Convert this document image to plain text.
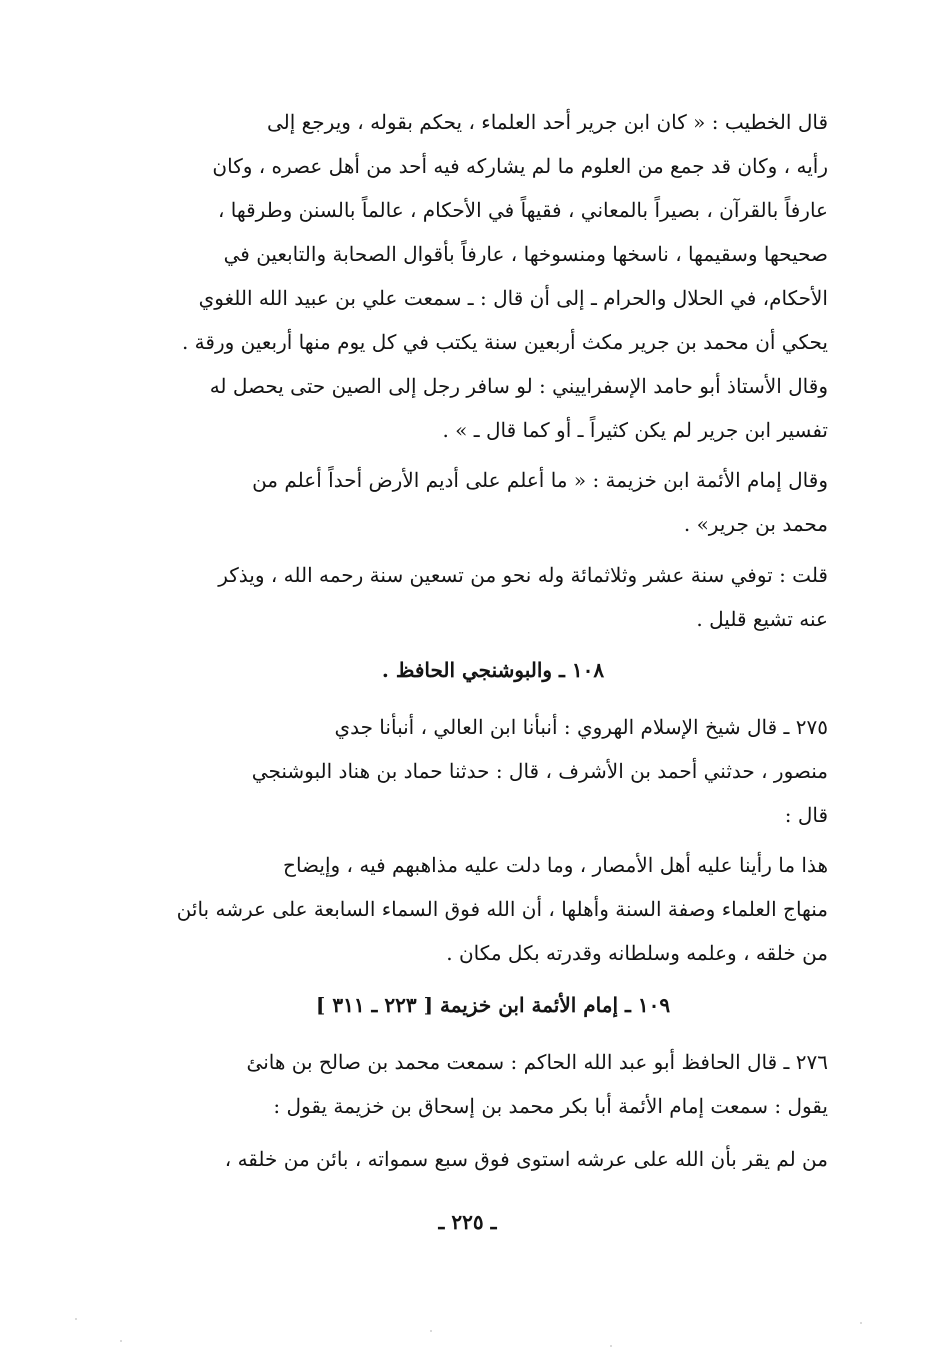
قال الخطيب : « كان ابن جرير أحد العلماء ، يحكم بقوله ، ويرجع إلى
رأيه ، وكان قد جمع من العلوم ما لم يشاركه فيه أحد من أهل عصره ، وكان
عارفاً بالقرآن ، بصيراً بالمعاني ، فقيهاً في الأحكام ، عالماً بالسنن وطرقها ،
صحيحها وسقيمها ، ناسخها ومنسوخها ، عارفاً بأقوال الصحابة والتابعين في
الأحكام، في الحلال والحرام ـ إلى أن قال : ـ سمعت علي بن عبيد الله اللغوي
يحكي أن محمد بن جرير مكث أربعين سنة يكتب في كل يوم منها أربعين ورقة .
وقال الأستاذ أبو حامد الإسفراييني : لو سافر رجل إلى الصين حتى يحصل له
تفسير ابن جرير لم يكن كثيراً ـ أو كما قال ـ » .
وقال إمام الأئمة ابن خزيمة : « ما أعلم على أديم الأرض أحداً أعلم من
محمد بن جرير» .
قلت : توفي سنة عشر وثلاثمائة وله نحو من تسعين سنة رحمه الله ، ويذكر
عنه تشيع قليل .
١٠٨ ـ والبوشنجي الحافظ .
٢٧٥ ـ قال شيخ الإسلام الهروي : أنبأنا ابن العالي ، أنبأنا جدي
منصور ، حدثني أحمد بن الأشرف ، قال : حدثنا حماد بن هناد البوشنجي
قال :
هذا ما رأينا عليه أهل الأمصار ، وما دلت عليه مذاهبهم فيه ، وإيضاح
منهاج العلماء وصفة السنة وأهلها ، أن الله فوق السماء السابعة على عرشه بائن
من خلقه ، وعلمه وسلطانه وقدرته بكل مكان .
١٠٩ ـ إمام الأئمة ابن خزيمة [ ٢٢٣ ـ ٣١١ ]
٢٧٦ ـ قال الحافظ أبو عبد الله الحاكم : سمعت محمد بن صالح بن هانئ
يقول : سمعت إمام الأئمة أبا بكر محمد بن إسحاق بن خزيمة يقول :
من لم يقر بأن الله على عرشه استوى فوق سبع سمواته ، بائن من خلقه ،
ـ ٢٢٥ ـ
